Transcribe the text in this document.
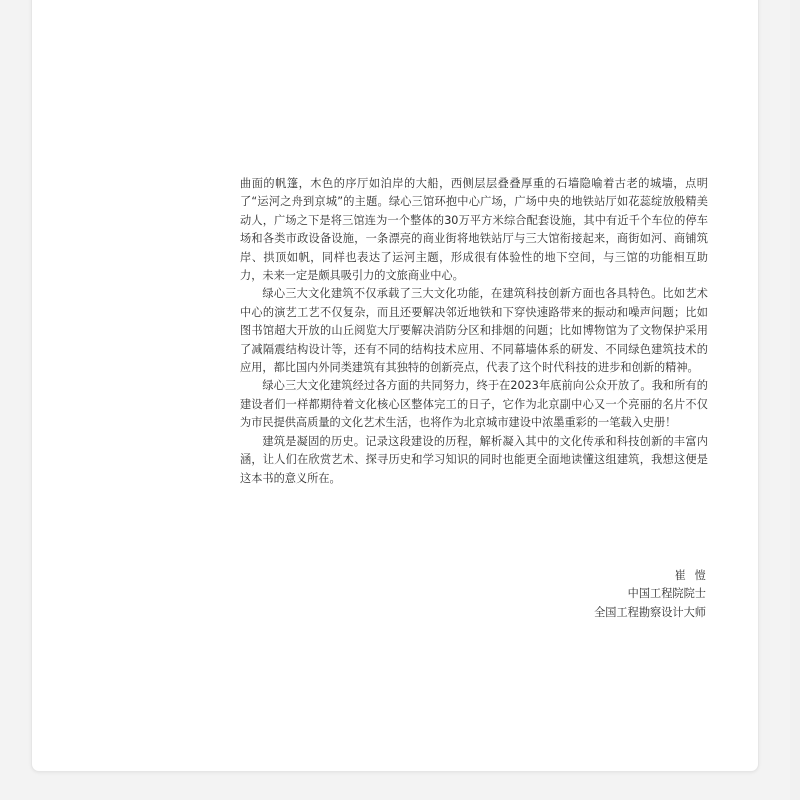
曲面的帆篷，木色的序厅如泊岸的大船，西侧层层叠叠厚重的石墙隐喻着古老的城墙，点明了“运河之舟到京城”的主题。绿心三馆环抱中心广场，广场中央的地铁站厅如花蕊绽放般精美动人，广场之下是将三馆连为一个整体的30万平方米综合配套设施，其中有近千个车位的停车场和各类市政设备设施，一条漂亮的商业街将地铁站厅与三大馆衔接起来，商街如河、商铺筑岸、拱顶如帆，同样也表达了运河主题，形成很有体验性的地下空间，与三馆的功能相互助力，未来一定是颇具吸引力的文旅商业中心。

绿心三大文化建筑不仅承载了三大文化功能，在建筑科技创新方面也各具特色。比如艺术中心的演艺工艺不仅复杂，而且还要解决邻近地铁和下穿快速路带来的振动和噪声问题；比如图书馆超大开放的山丘阅览大厅要解决消防分区和排烟的问题；比如博物馆为了文物保护采用了减隔震结构设计等，还有不同的结构技术应用、不同幕墙体系的研发、不同绿色建筑技术的应用，都比国内外同类建筑有其独特的创新亮点，代表了这个时代科技的进步和创新的精神。

绿心三大文化建筑经过各方面的共同努力，终于在2023年底前向公众开放了。我和所有的建设者们一样都期待着文化核心区整体完工的日子，它作为北京副中心又一个亮丽的名片不仅为市民提供高质量的文化艺术生活，也将作为北京城市建设中浓墨重彩的一笔载入史册！

建筑是凝固的历史。记录这段建设的历程，解析凝入其中的文化传承和科技创新的丰富内涵，让人们在欣赏艺术、探寻历史和学习知识的同时也能更全面地读懂这组建筑，我想这便是这本书的意义所在。

崔愷
中国工程院院士
全国工程勘察设计大师
